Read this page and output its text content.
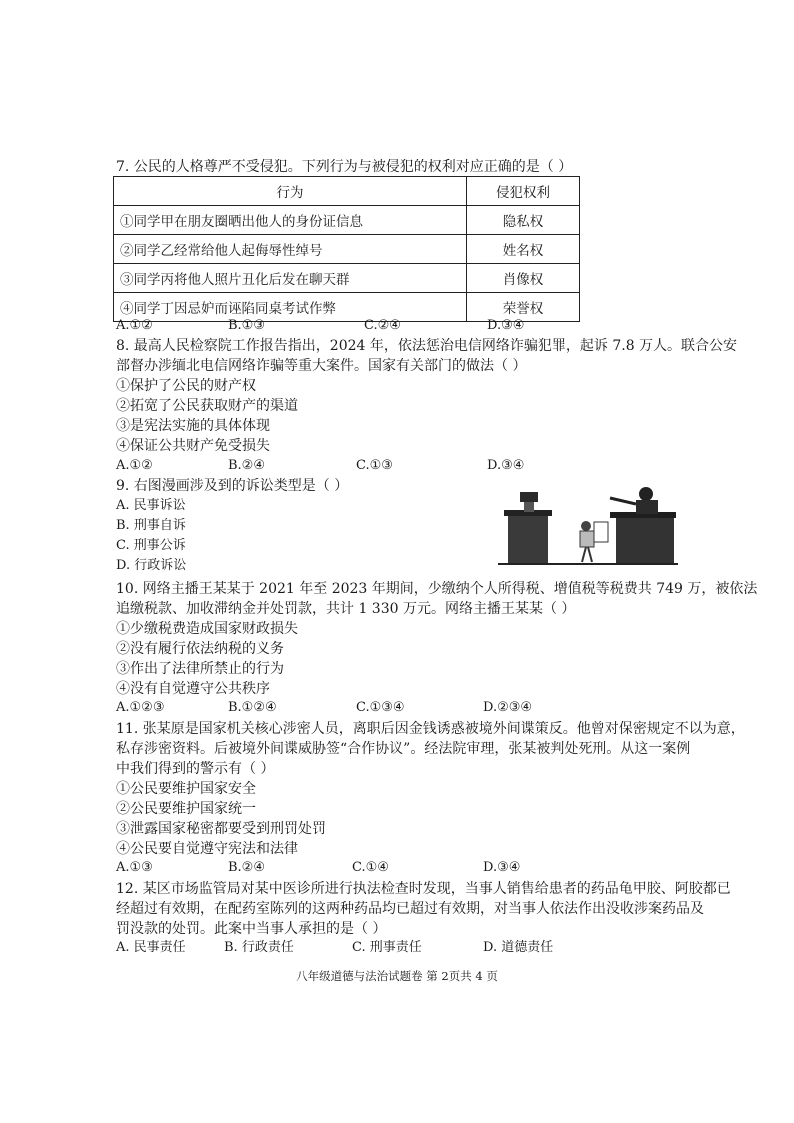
7. 公民的人格尊严不受侵犯。下列行为与被侵犯的权利对应正确的是（ ）
行为	侵犯权利
①同学甲在朋友圈晒出他人的身份证信息	隐私权
②同学乙经常给他人起侮辱性绰号	姓名权
③同学丙将他人照片丑化后发在聊天群	肖像权
④同学丁因忌妒而诬陷同桌考试作弊	荣誉权
A.①②	B.①③	C.②④	D.③④
8. 最高人民检察院工作报告指出，2024 年，依法惩治电信网络诈骗犯罪，起诉 7.8 万人。联合公安
部督办涉缅北电信网络诈骗等重大案件。国家有关部门的做法（ ）
①保护了公民的财产权
②拓宽了公民获取财产的渠道
③是宪法实施的具体体现
④保证公共财产免受损失
A.①②	B.②④	C.①③	D.③④
9. 右图漫画涉及到的诉讼类型是（ ）
A. 民事诉讼
B. 刑事自诉
C. 刑事公诉
D. 行政诉讼
10. 网络主播王某某于 2021 年至 2023 年期间，少缴纳个人所得税、增值税等税费共 749 万，被依法
追缴税款、加收滞纳金并处罚款，共计 1 330 万元。网络主播王某某（ ）
①少缴税费造成国家财政损失
②没有履行依法纳税的义务
③作出了法律所禁止的行为
④没有自觉遵守公共秩序
A.①②③	B.①②④	C.①③④	D.②③④
11. 张某原是国家机关核心涉密人员，离职后因金钱诱惑被境外间谍策反。他曾对保密规定不以为意，
私存涉密资料。后被境外间谍威胁签“合作协议”。经法院审理，张某被判处死刑。从这一案例
中我们得到的警示有（ ）
①公民要维护国家安全
②公民要维护国家统一
③泄露国家秘密都要受到刑罚处罚
④公民要自觉遵守宪法和法律
A.①③	B.②④	C.①④	D.③④
12. 某区市场监管局对某中医诊所进行执法检查时发现，当事人销售给患者的药品龟甲胶、阿胶都已
经超过有效期，在配药室陈列的这两种药品均已超过有效期，对当事人依法作出没收涉案药品及
罚没款的处罚。此案中当事人承担的是（ ）
A. 民事责任	B. 行政责任	C. 刑事责任	D. 道德责任
八年级道德与法治试题卷 第 2页共 4 页
